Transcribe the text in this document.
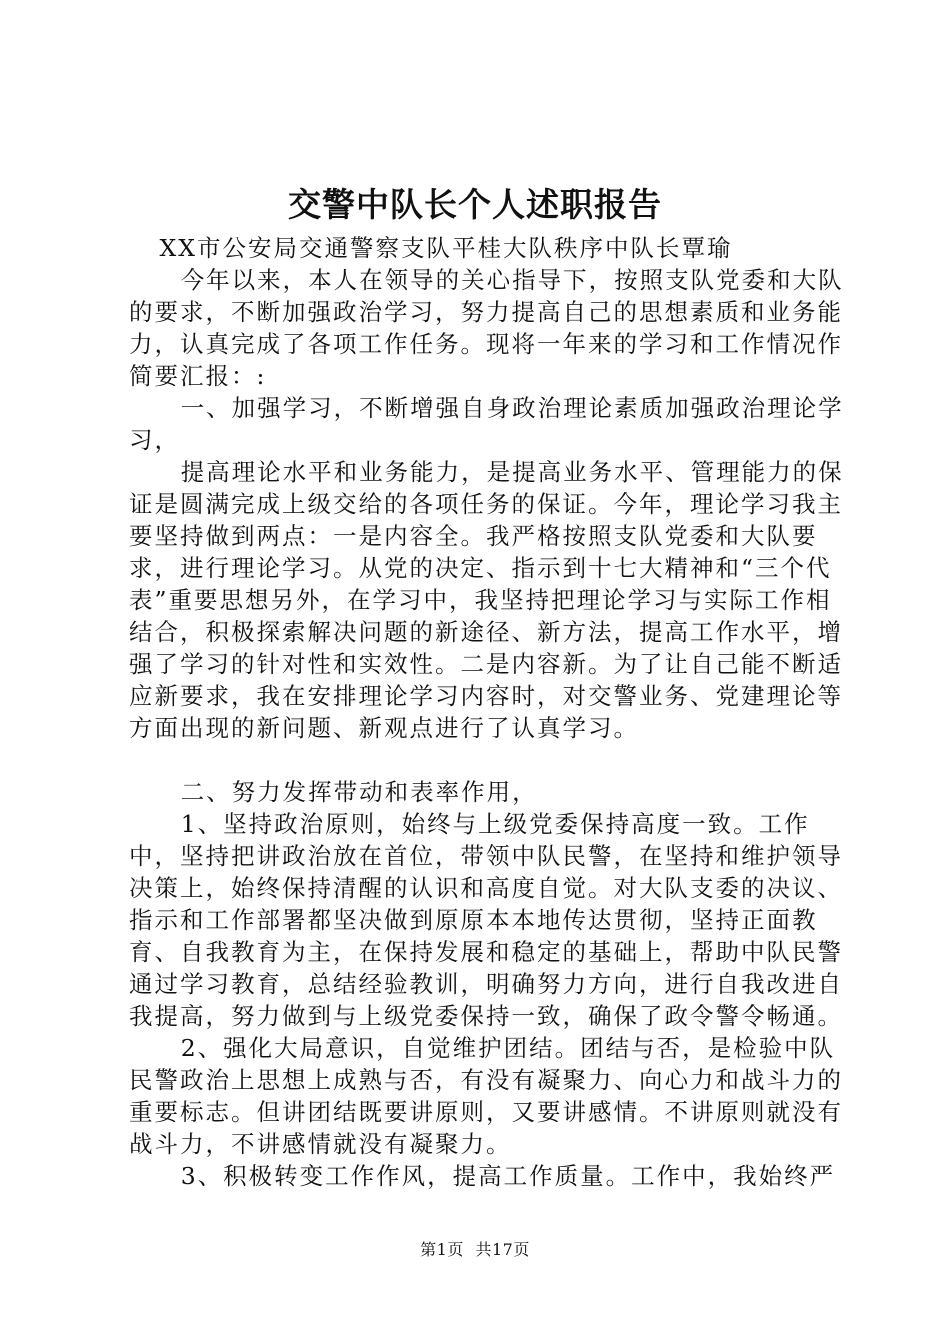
交警中队长个人述职报告

XX市公安局交通警察支队平桂大队秩序中队长覃瑜

今年以来，本人在领导的关心指导下，按照支队党委和大队的要求，不断加强政治学习，努力提高自己的思想素质和业务能力，认真完成了各项工作任务。现将一年来的学习和工作情况作简要汇报：:

一、加强学习，不断增强自身政治理论素质加强政治理论学习，

提高理论水平和业务能力，是提高业务水平、管理能力的保证是圆满完成上级交给的各项任务的保证。今年，理论学习我主要坚持做到两点：一是内容全。我严格按照支队党委和大队要求，进行理论学习。从党的决定、指示到十七大精神和“三个代表”重要思想另外，在学习中，我坚持把理论学习与实际工作相结合，积极探索解决问题的新途径、新方法，提高工作水平，增强了学习的针对性和实效性。二是内容新。为了让自己能不断适应新要求，我在安排理论学习内容时，对交警业务、党建理论等方面出现的新问题、新观点进行了认真学习。

二、努力发挥带动和表率作用，

1、坚持政治原则，始终与上级党委保持高度一致。工作中，坚持把讲政治放在首位，带领中队民警，在坚持和维护领导决策上，始终保持清醒的认识和高度自觉。对大队支委的决议、指示和工作部署都坚决做到原原本本地传达贯彻，坚持正面教育、自我教育为主，在保持发展和稳定的基础上，帮助中队民警通过学习教育，总结经验教训，明确努力方向，进行自我改进自我提高，努力做到与上级党委保持一致，确保了政令警令畅通。

2、强化大局意识，自觉维护团结。团结与否，是检验中队民警政治上思想上成熟与否，有没有凝聚力、向心力和战斗力的重要标志。但讲团结既要讲原则，又要讲感情。不讲原则就没有战斗力，不讲感情就没有凝聚力。

3、积极转变工作作风，提高工作质量。工作中，我始终严

第1页 共17页
